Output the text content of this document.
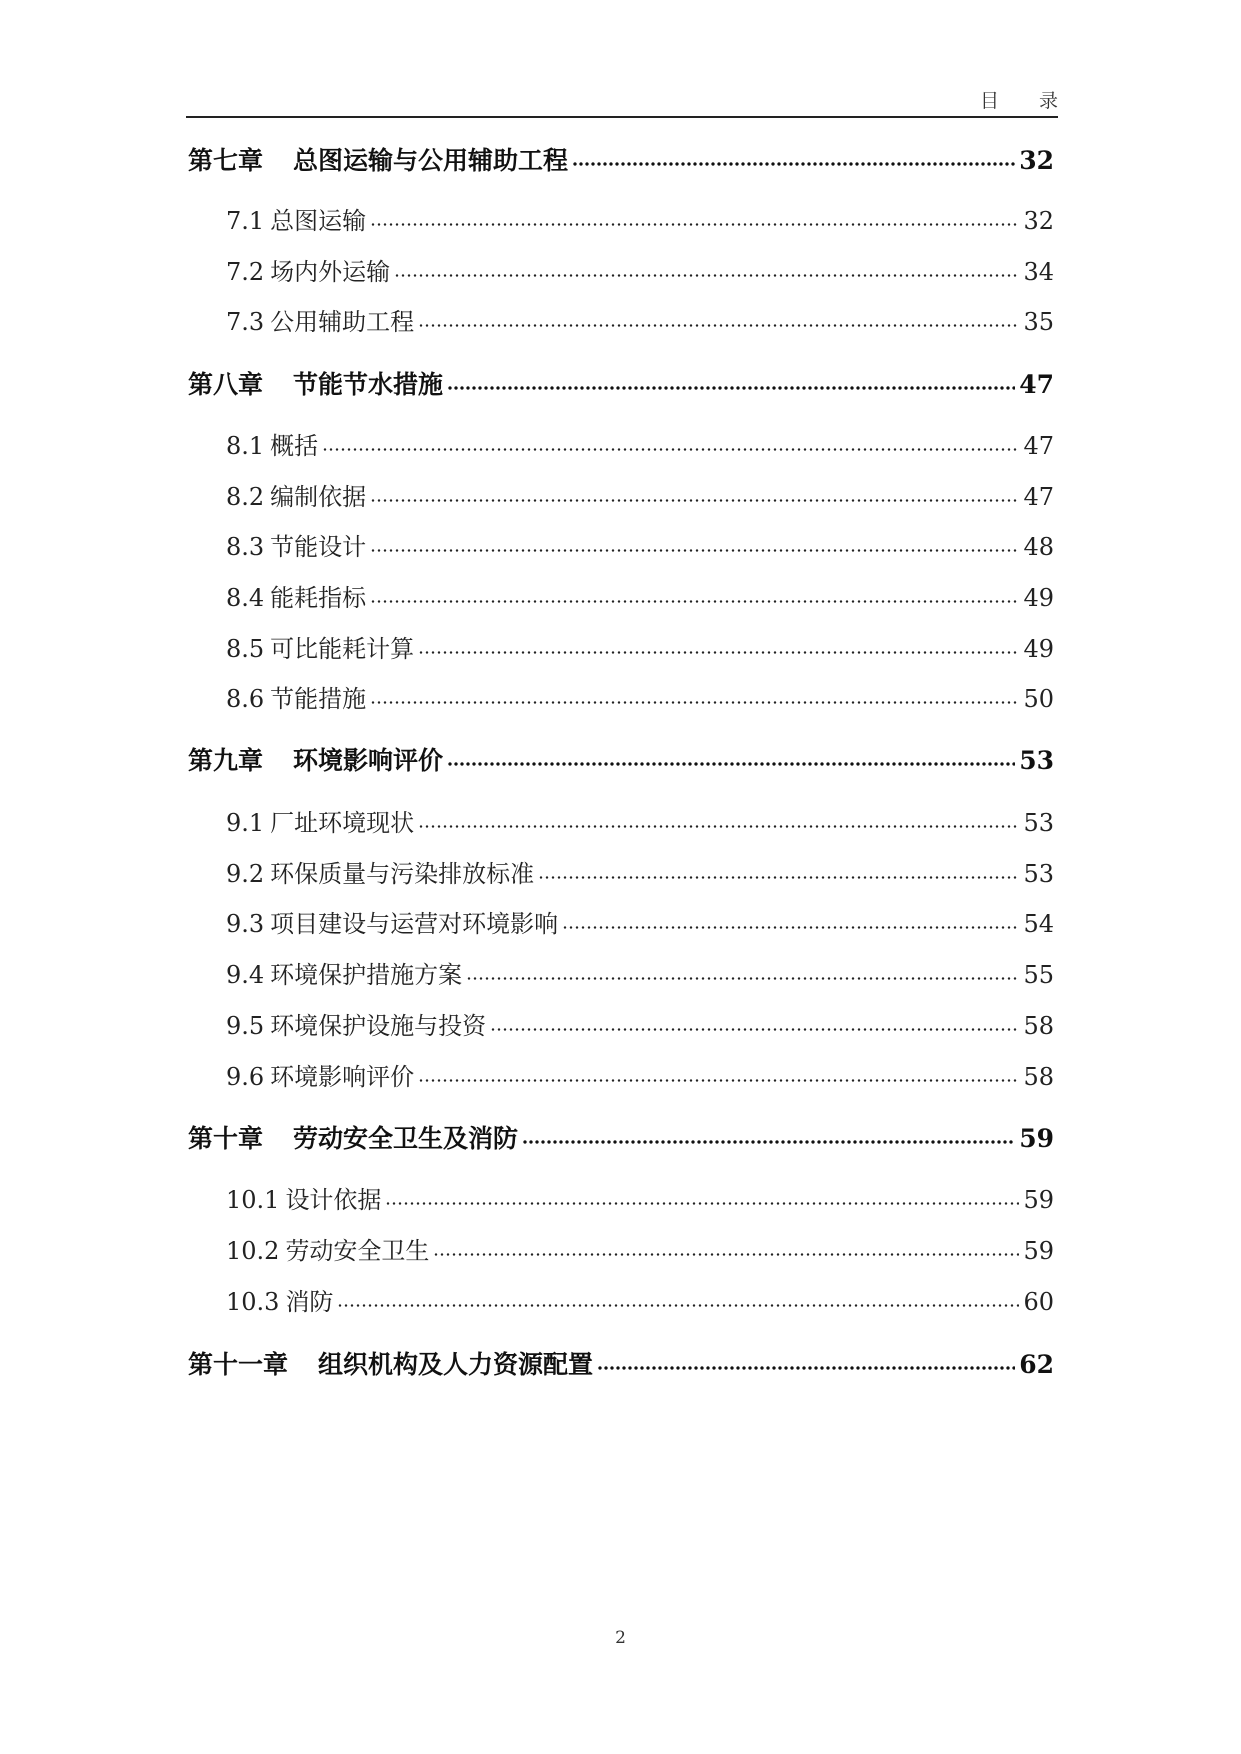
目 录
第七章 总图运输与公用辅助工程	32
7.1 总图运输	32
7.2 场内外运输	34
7.3 公用辅助工程	35
第八章 节能节水措施	47
8.1 概括	47
8.2 编制依据	47
8.3 节能设计	48
8.4 能耗指标	49
8.5 可比能耗计算	49
8.6 节能措施	50
第九章 环境影响评价	53
9.1 厂址环境现状	53
9.2 环保质量与污染排放标准	53
9.3 项目建设与运营对环境影响	54
9.4 环境保护措施方案	55
9.5 环境保护设施与投资	58
9.6 环境影响评价	58
第十章 劳动安全卫生及消防	59
10.1 设计依据	59
10.2 劳动安全卫生	59
10.3 消防	60
第十一章 组织机构及人力资源配置	62
2
